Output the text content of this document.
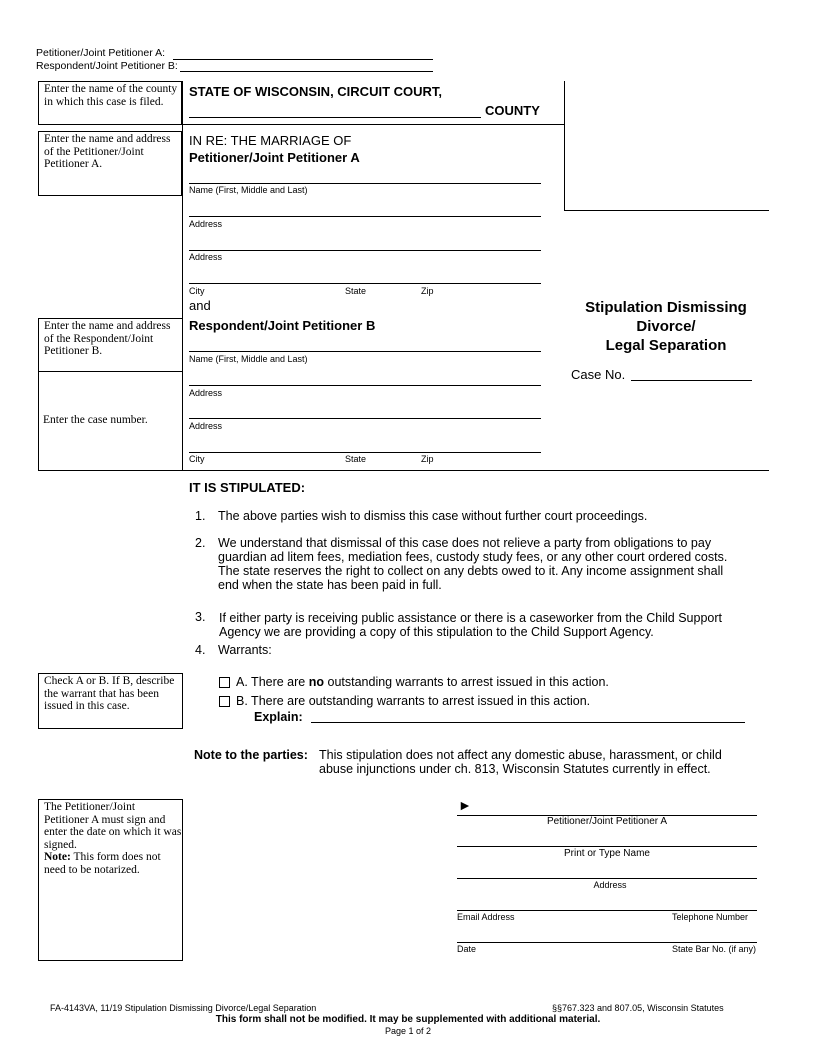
Petitioner/Joint Petitioner A:
Respondent/Joint Petitioner B:
Enter the name of the county in which this case is filed.
Enter the name and address of the Petitioner/Joint Petitioner A.
Enter the name and address of the Respondent/Joint Petitioner B.
Enter the case number.
STATE OF WISCONSIN, CIRCUIT COURT,
COUNTY
IN RE: THE MARRIAGE OF
Petitioner/Joint Petitioner A
Name (First, Middle and Last)
Address
Address
City	State	Zip
and
Respondent/Joint Petitioner B
Name (First, Middle and Last)
Address
Address
City	State	Zip
Stipulation Dismissing
Divorce/
Legal Separation
Case No.
IT IS STIPULATED:
1. The above parties wish to dismiss this case without further court proceedings.
2. We understand that dismissal of this case does not relieve a party from obligations to pay
guardian ad litem fees, mediation fees, custody study fees, or any other court ordered costs.
The state reserves the right to collect on any debts owed to it. Any income assignment shall
end when the state has been paid in full.
3. If either party is receiving public assistance or there is a caseworker from the Child Support
Agency we are providing a copy of this stipulation to the Child Support Agency.
4. Warrants:
Check A or B. If B, describe the warrant that has been issued in this case.
A. There are no outstanding warrants to arrest issued in this action.
B. There are outstanding warrants to arrest issued in this action.
Explain:
Note to the parties: This stipulation does not affect any domestic abuse, harassment, or child
abuse injunctions under ch. 813, Wisconsin Statutes currently in effect.
The Petitioner/Joint Petitioner A must sign and enter the date on which it was signed.
Note: This form does not need to be notarized.
►
Petitioner/Joint Petitioner A
Print or Type Name
Address
Email Address	Telephone Number
Date	State Bar No. (if any)
FA-4143VA, 11/19 Stipulation Dismissing Divorce/Legal Separation	§§767.323 and 807.05, Wisconsin Statutes
This form shall not be modified. It may be supplemented with additional material.
Page 1 of 2
